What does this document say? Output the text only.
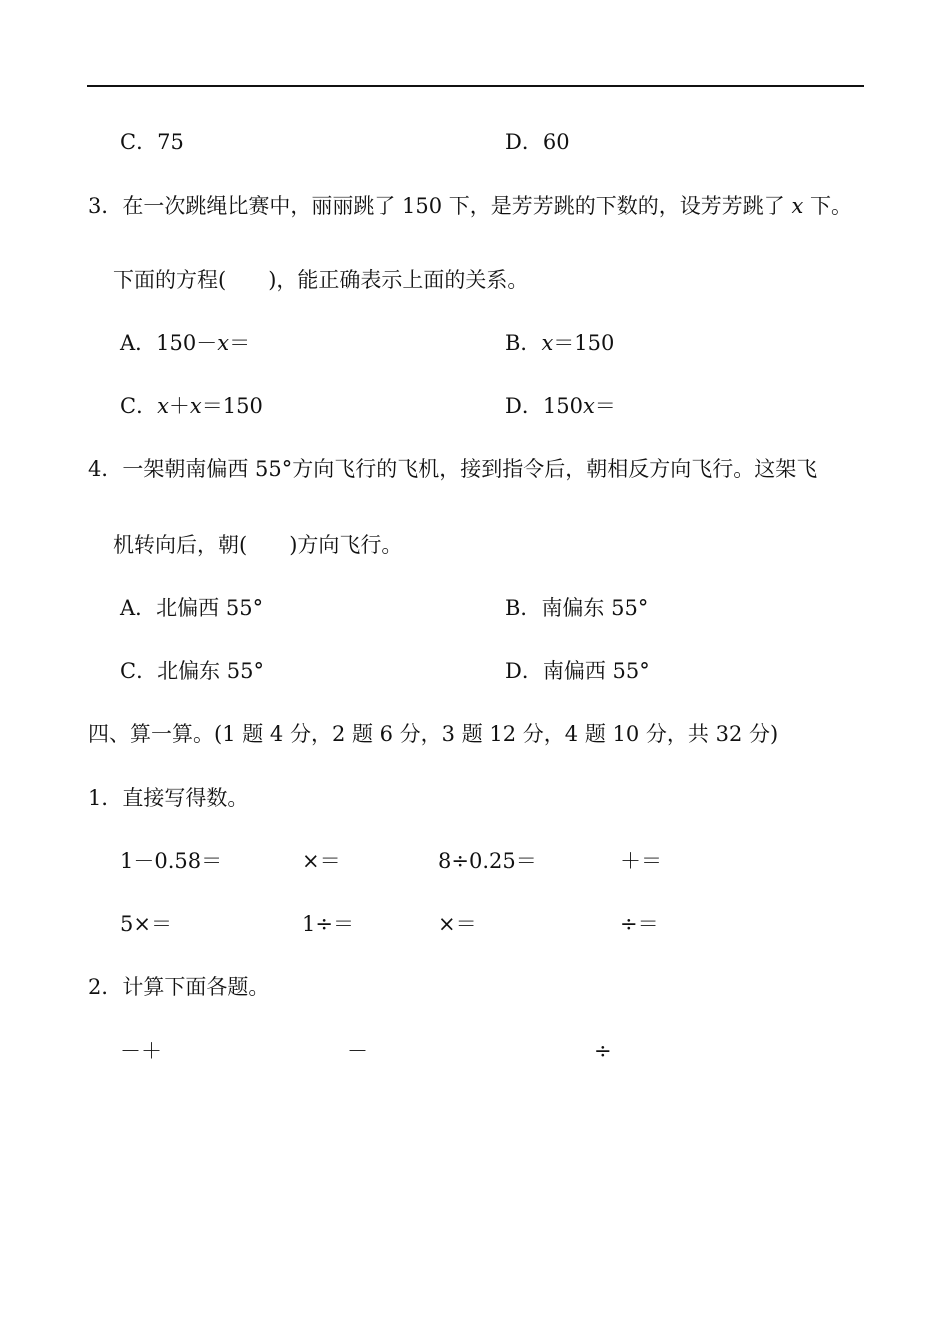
C．75	D．60
3．在一次跳绳比赛中，丽丽跳了 150 下，是芳芳跳的下数的，设芳芳跳了 x 下。
下面的方程(　　)，能正确表示上面的关系。
A．150－x＝	B．x＝150
C．x＋x＝150	D．150x＝
4．一架朝南偏西 55°方向飞行的飞机，接到指令后，朝相反方向飞行。这架飞
机转向后，朝(　　)方向飞行。
A．北偏西 55°	B．南偏东 55°
C．北偏东 55°	D．南偏西 55°
四、算一算。(1 题 4 分，2 题 6 分，3 题 12 分，4 题 10 分，共 32 分)
1．直接写得数。
1－0.58＝	×＝	8÷0.25＝	＋＝
5×＝	1÷＝	×＝	÷＝
2．计算下面各题。
－＋	－	÷
